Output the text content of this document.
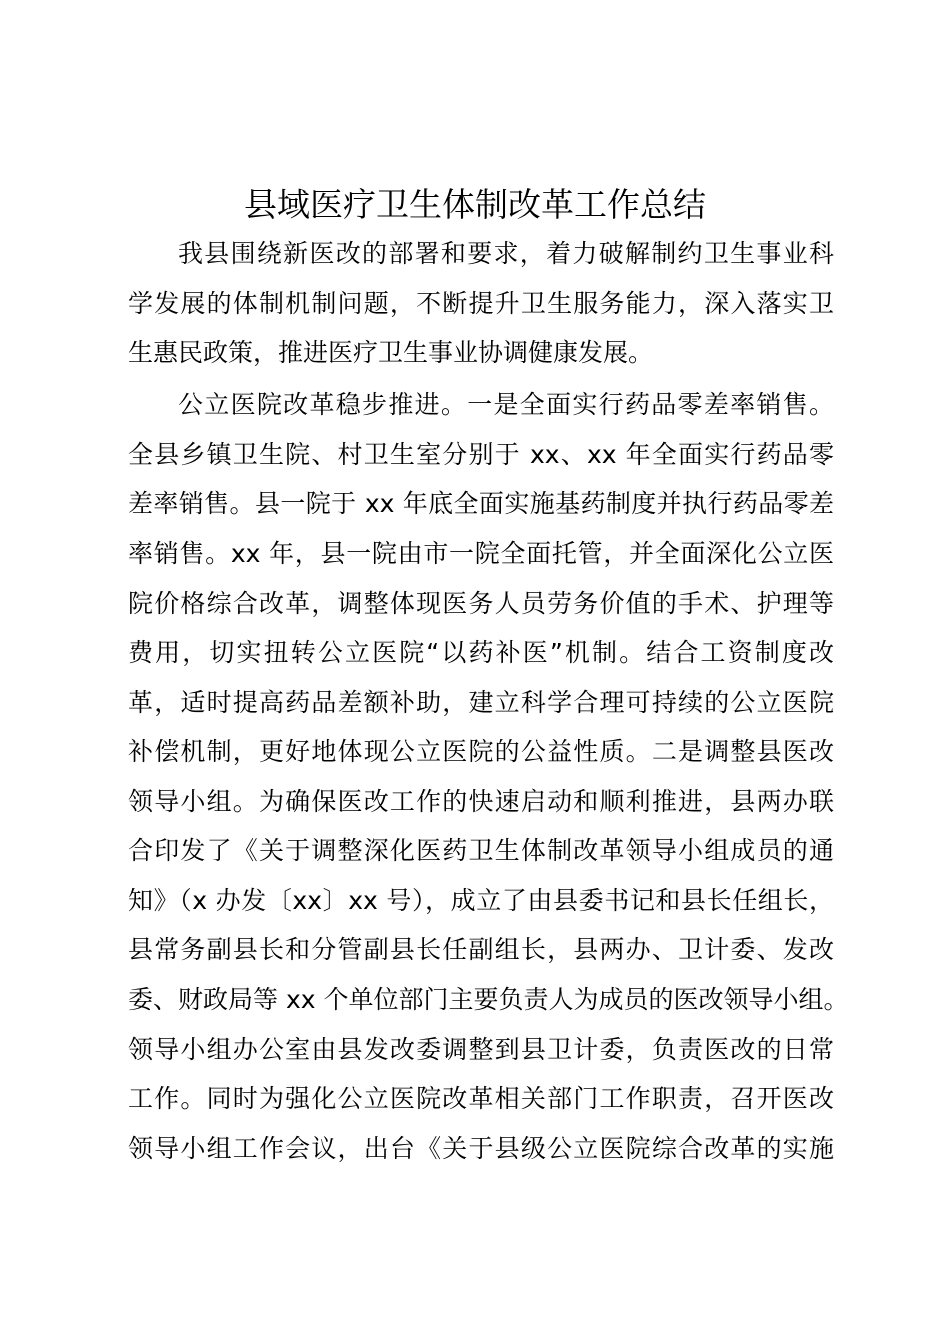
县域医疗卫生体制改革工作总结

我县围绕新医改的部署和要求，着力破解制约卫生事业科

学发展的体制机制问题，不断提升卫生服务能力，深入落实卫

生惠民政策，推进医疗卫生事业协调健康发展。

公立医院改革稳步推进。一是全面实行药品零差率销售。

全县乡镇卫生院、村卫生室分别于 xx、xx 年全面实行药品零

差率销售。县一院于 xx 年底全面实施基药制度并执行药品零差

率销售。xx 年，县一院由市一院全面托管，并全面深化公立医

院价格综合改革，调整体现医务人员劳务价值的手术、护理等

费用，切实扭转公立医院“以药补医”机制。结合工资制度改

革，适时提高药品差额补助，建立科学合理可持续的公立医院

补偿机制，更好地体现公立医院的公益性质。二是调整县医改

领导小组。为确保医改工作的快速启动和顺利推进，县两办联

合印发了《关于调整深化医药卫生体制改革领导小组成员的通

知》（x 办发〔xx〕xx 号），成立了由县委书记和县长任组长，

县常务副县长和分管副县长任副组长，县两办、卫计委、发改

委、财政局等 xx 个单位部门主要负责人为成员的医改领导小组。

领导小组办公室由县发改委调整到县卫计委，负责医改的日常

工作。同时为强化公立医院改革相关部门工作职责，召开医改

领导小组工作会议，出台《关于县级公立医院综合改革的实施
